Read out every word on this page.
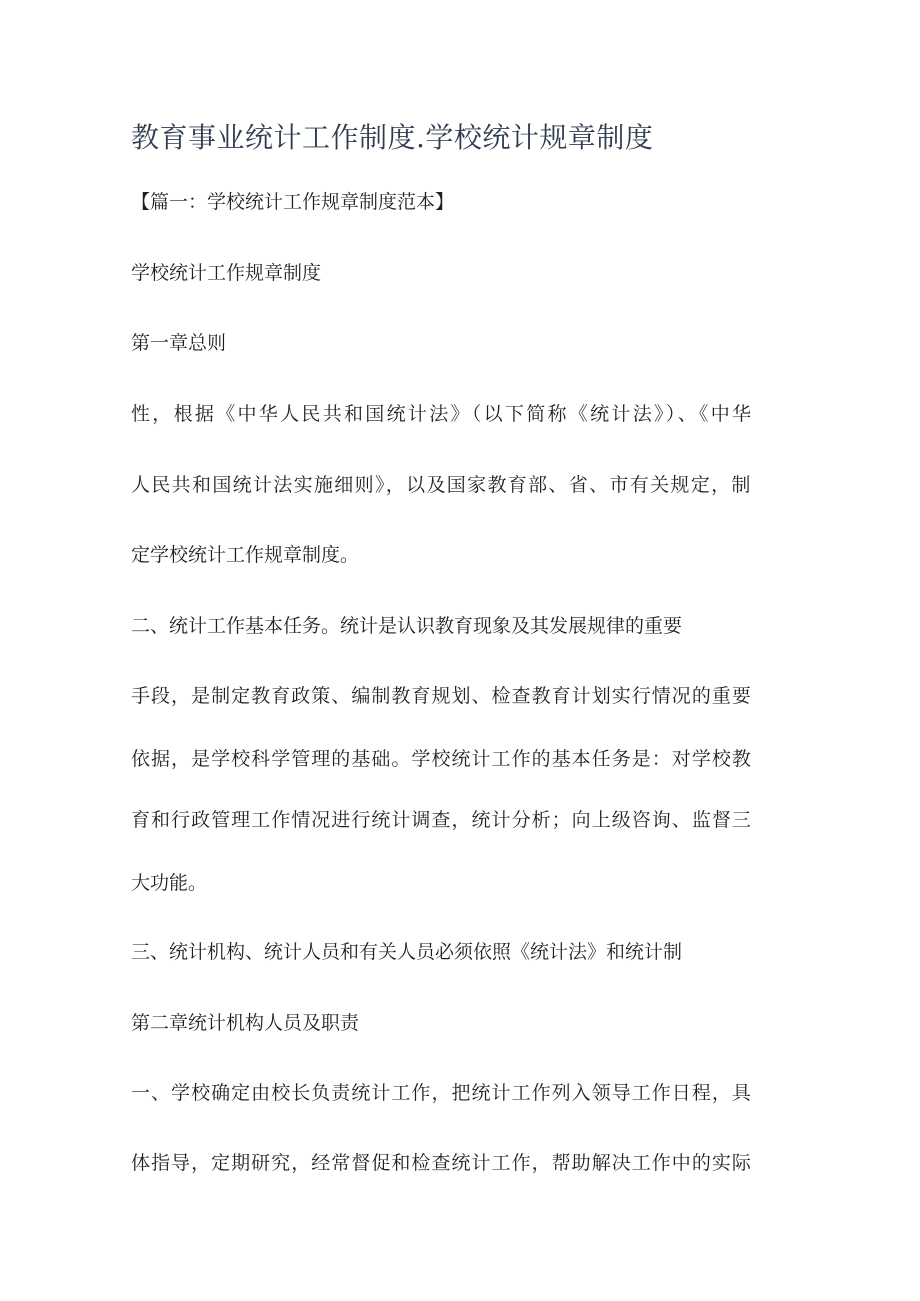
教育事业统计工作制度.学校统计规章制度

【篇一：学校统计工作规章制度范本】

学校统计工作规章制度

第一章总则

性，根据《中华人民共和国统计法》（以下简称《统计法》）、《中华

人民共和国统计法实施细则》，以及国家教育部、省、市有关规定，制

定学校统计工作规章制度。

二、统计工作基本任务。统计是认识教育现象及其发展规律的重要

手段，是制定教育政策、编制教育规划、检查教育计划实行情况的重要

依据，是学校科学管理的基础。学校统计工作的基本任务是：对学校教

育和行政管理工作情况进行统计调查，统计分析；向上级咨询、监督三

大功能。

三、统计机构、统计人员和有关人员必须依照《统计法》和统计制

第二章统计机构人员及职责

一、学校确定由校长负责统计工作，把统计工作列入领导工作日程，具

体指导，定期研究，经常督促和检查统计工作，帮助解决工作中的实际
